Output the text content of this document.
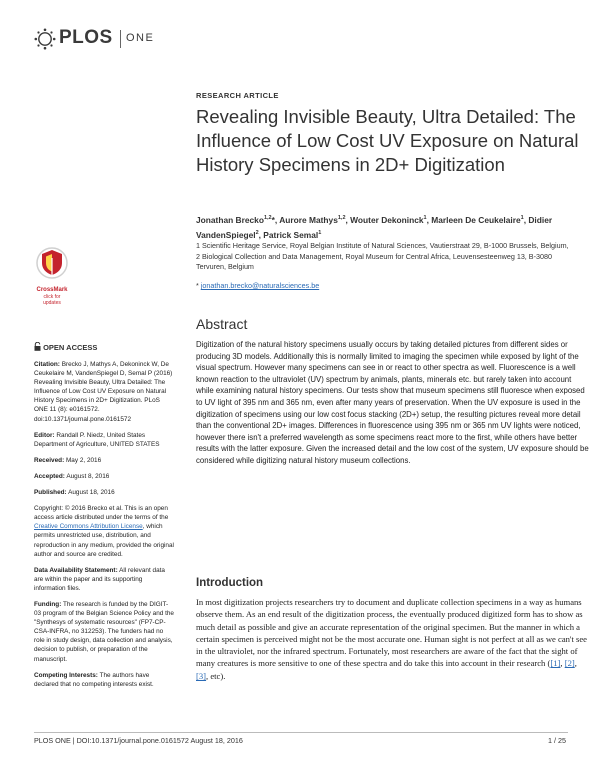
PLOS ONE
RESEARCH ARTICLE
Revealing Invisible Beauty, Ultra Detailed: The Influence of Low Cost UV Exposure on Natural History Specimens in 2D+ Digitization
Jonathan Brecko$^{1,2}$*, Aurore Mathys$^{1,2}$, Wouter Dekoninck$^1$, Marleen De Ceukelaire$^1$, Didier VandenSpiegel$^2$, Patrick Semal$^1$
1 Scientific Heritage Service, Royal Belgian Institute of Natural Sciences, Vautierstraat 29, B-1000 Brussels, Belgium,
2 Biological Collection and Data Management, Royal Museum for Central Africa, Leuvensesteenweg 13, B-3080 Tervuren, Belgium
* jonathan.brecko@naturalsciences.be
CrossMark
click for updates
OPEN ACCESS

Citation: Brecko J, Mathys A, Dekoninck W, De Ceukelaire M, VandenSpiegel D, Semal P (2016) Revealing Invisible Beauty, Ultra Detailed: The Influence of Low Cost UV Exposure on Natural History Specimens in 2D+ Digitization. PLoS ONE 11 (8): e0161572. doi:10.1371/journal.pone.0161572

Editor: Randall P. Niedz, United States Department of Agriculture, UNITED STATES

Received: May 2, 2016

Accepted: August 8, 2016

Published: August 18, 2016

Copyright: © 2016 Brecko et al. This is an open access article distributed under the terms of the Creative Commons Attribution License, which permits unrestricted use, distribution, and reproduction in any medium, provided the original author and source are credited.

Data Availability Statement: All relevant data are within the paper and its supporting information files.

Funding: The research is funded by the DIGIT-03 program of the Belgian Science Policy and the "Synthesys of systematic resources" (FP7-CP-CSA-INFRA, no 312253). The funders had no role in study design, data collection and analysis, decision to publish, or preparation of the manuscript.

Competing Interests: The authors have declared that no competing interests exist.

Abstract
Digitization of the natural history specimens usually occurs by taking detailed pictures from different sides or producing 3D models. Additionally this is normally limited to imaging the specimen while exposed by light of the visual spectrum. However many specimens can see in or react to other spectra as well. Fluorescence is a well known reaction to the ultraviolet (UV) spectrum by animals, plants, minerals etc. but rarely taken into account while examining natural history specimens. Our tests show that museum specimens still fluoresce when exposed to UV light of 395 nm and 365 nm, even after many years of preservation. When the UV exposure is used in the digitization of specimens using our low cost focus stacking (2D+) setup, the resulting pictures reveal more detail than the conventional 2D+ images. Differences in fluorescence using 395 nm or 365 nm UV lights were noticed, however there isn't a preferred wavelength as some specimens react more to the first, while others have better results with the latter exposure. Given the increased detail and the low cost of the system, UV exposure should be considered while digitizing natural history museum collections.
Introduction
In most digitization projects researchers try to document and duplicate collection specimens in a way as humans observe them. As an end result of the digitization process, the eventually produced digitized form has to show as much detail as possible and give an accurate representation of the original specimen. But the manner in which a certain specimen is perceived might not be the most accurate one. Human sight is not perfect at all as we can't see in the ultraviolet, nor the infrared spectrum. Fortunately, most researchers are aware of the fact that the sight of many creatures is more sensitive to one of these spectra and do take this into account in their research ([1], [2], [3], etc).
PLOS ONE | DOI:10.1371/journal.pone.0161572 August 18, 2016	1 / 25
